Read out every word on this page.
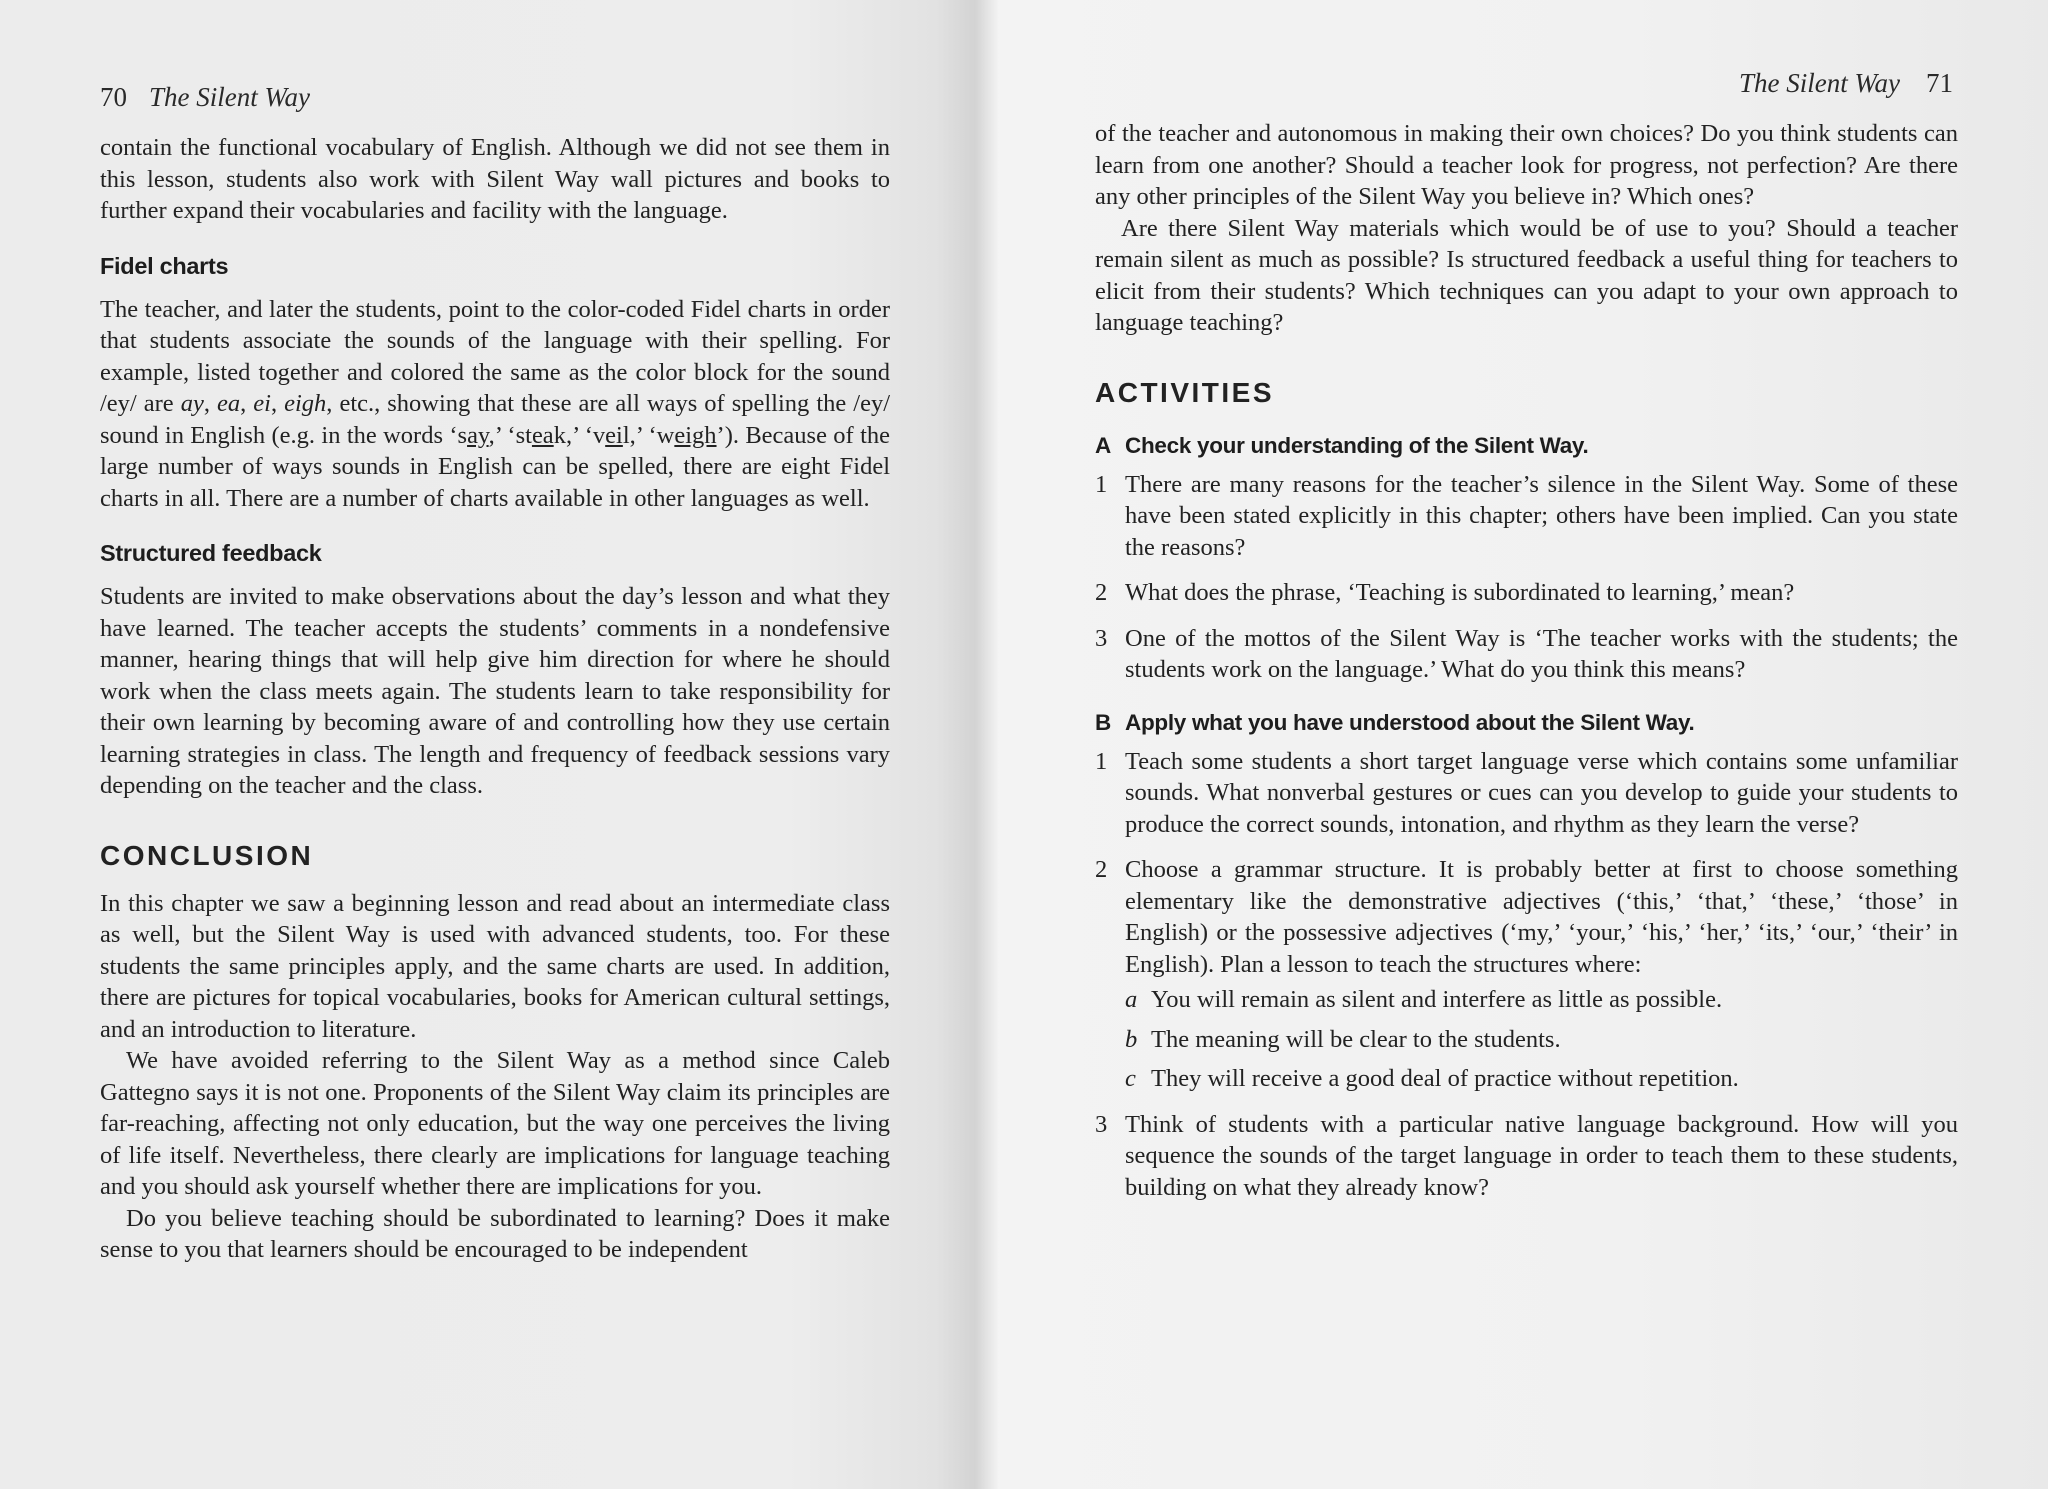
70 The Silent Way

contain the functional vocabulary of English. Although we did not see them in this lesson, students also work with Silent Way wall pictures and books to further expand their vocabularies and facility with the language.

Fidel charts

The teacher, and later the students, point to the color-coded Fidel charts in order that students associate the sounds of the language with their spelling. For example, listed together and colored the same as the color block for the sound /ey/ are ay, ea, ei, eigh, etc., showing that these are all ways of spelling the /ey/ sound in English (e.g. in the words ‘say,’ ‘steak,’ ‘veil,’ ‘weigh’). Because of the large number of ways sounds in English can be spelled, there are eight Fidel charts in all. There are a number of charts available in other languages as well.

Structured feedback

Students are invited to make observations about the day’s lesson and what they have learned. The teacher accepts the students’ comments in a nondefensive manner, hearing things that will help give him direction for where he should work when the class meets again. The students learn to take responsibility for their own learning by becoming aware of and controlling how they use certain learning strategies in class. The length and frequency of feedback sessions vary depending on the teacher and the class.

CONCLUSION

In this chapter we saw a beginning lesson and read about an intermediate class as well, but the Silent Way is used with advanced students, too. For these students the same principles apply, and the same charts are used. In addition, there are pictures for topical vocabularies, books for American cultural settings, and an introduction to literature.

We have avoided referring to the Silent Way as a method since Caleb Gattegno says it is not one. Proponents of the Silent Way claim its principles are far-reaching, affecting not only education, but the way one perceives the living of life itself. Nevertheless, there clearly are implications for language teaching and you should ask yourself whether there are implications for you.

Do you believe teaching should be subordinated to learning? Does it make sense to you that learners should be encouraged to be independent

The Silent Way 71

of the teacher and autonomous in making their own choices? Do you think students can learn from one another? Should a teacher look for progress, not perfection? Are there any other principles of the Silent Way you believe in? Which ones?

Are there Silent Way materials which would be of use to you? Should a teacher remain silent as much as possible? Is structured feedback a useful thing for teachers to elicit from their students? Which techniques can you adapt to your own approach to language teaching?

ACTIVITIES
A Check your understanding of the Silent Way.
1 There are many reasons for the teacher’s silence in the Silent Way. Some of these have been stated explicitly in this chapter; others have been implied. Can you state the reasons?

2 What does the phrase, ‘Teaching is subordinated to learning,’ mean?

3 One of the mottos of the Silent Way is ‘The teacher works with the students; the students work on the language.’ What do you think this means?

B Apply what you have understood about the Silent Way.
1 Teach some students a short target language verse which contains some unfamiliar sounds. What nonverbal gestures or cues can you develop to guide your students to produce the correct sounds, intonation, and rhythm as they learn the verse?

2 Choose a grammar structure. It is probably better at first to choose something elementary like the demonstrative adjectives (‘this,’ ‘that,’ ‘these,’ ‘those’ in English) or the possessive adjectives (‘my,’ ‘your,’ ‘his,’ ‘her,’ ‘its,’ ‘our,’ ‘their’ in English). Plan a lesson to teach the structures where:

a You will remain as silent and interfere as little as possible.

b The meaning will be clear to the students.

c They will receive a good deal of practice without repetition.

3 Think of students with a particular native language background. How will you sequence the sounds of the target language in order to teach them to these students, building on what they already know?
